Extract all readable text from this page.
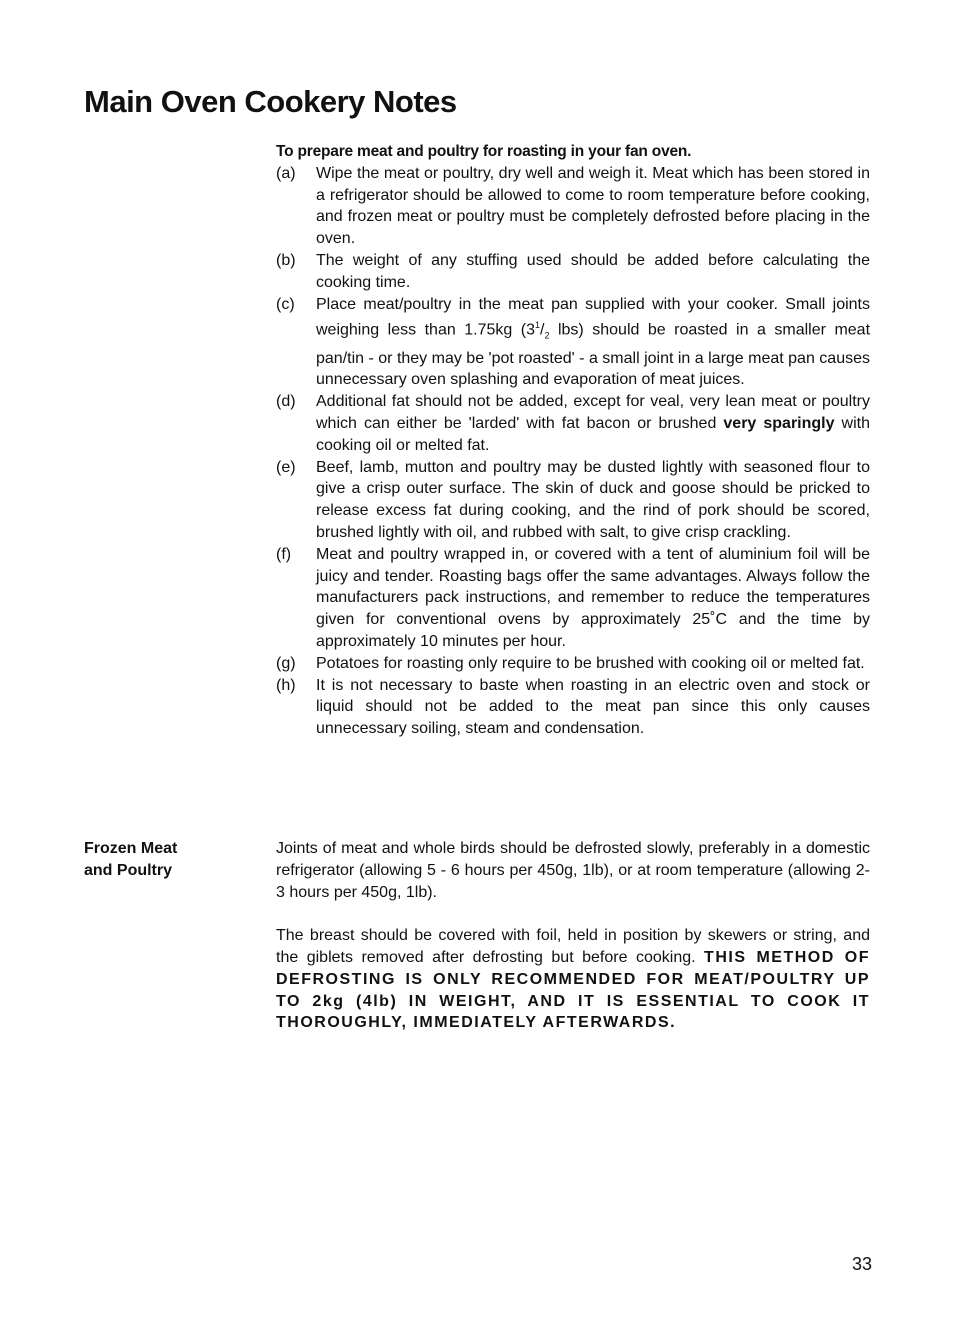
Main Oven Cookery Notes
To prepare meat and poultry for roasting in your fan oven.
(a)	Wipe the meat or poultry, dry well and weigh it. Meat which has been stored in a refrigerator should be allowed to come to room temperature before cooking, and frozen meat or poultry must be completely defrosted before placing in the oven.
(b)	The weight of any stuffing used should be added before calculating the cooking time.
(c)	Place meat/poultry in the meat pan supplied with your cooker. Small joints weighing less than 1.75kg ($3^1/_2$ lbs) should be roasted in a smaller meat pan/tin - or they may be 'pot roasted' - a small joint in a large meat pan causes unnecessary oven splashing and evaporation of meat juices.
(d)	Additional fat should not be added, except for veal, very lean meat or poultry which can either be 'larded' with fat bacon or brushed very sparingly with cooking oil or melted fat.
(e)	Beef, lamb, mutton and poultry may be dusted lightly with seasoned flour to give a crisp outer surface. The skin of duck and goose should be pricked to release excess fat during cooking, and the rind of pork should be scored, brushed lightly with oil, and rubbed with salt, to give crisp crackling.
(f)	Meat and poultry wrapped in, or covered with a tent of aluminium foil will be juicy and tender. Roasting bags offer the same advantages. Always follow the manufacturers pack instructions, and remember to reduce the temperatures given for conventional ovens by approximately 25˚C and the time by approximately 10 minutes per hour.
(g)	Potatoes for roasting only require to be brushed with cooking oil or melted fat.
(h)	It is not necessary to baste when roasting in an electric oven and stock or liquid should not be added to the meat pan since this only causes unnecessary soiling, steam and condensation.
Frozen Meat
and Poultry

Joints of meat and whole birds should be defrosted slowly, preferably in a domestic refrigerator (allowing 5 - 6 hours per 450g, 1lb), or at room temperature (allowing 2-3 hours per 450g, 1lb).

The breast should be covered with foil, held in position by skewers or string, and the giblets removed after defrosting but before cooking. THIS METHOD OF DEFROSTING IS ONLY RECOMMENDED FOR MEAT/POULTRY UP TO 2kg (4lb) IN WEIGHT, AND IT IS ESSENTIAL TO COOK IT THOROUGHLY, IMMEDIATELY AFTERWARDS.

33
